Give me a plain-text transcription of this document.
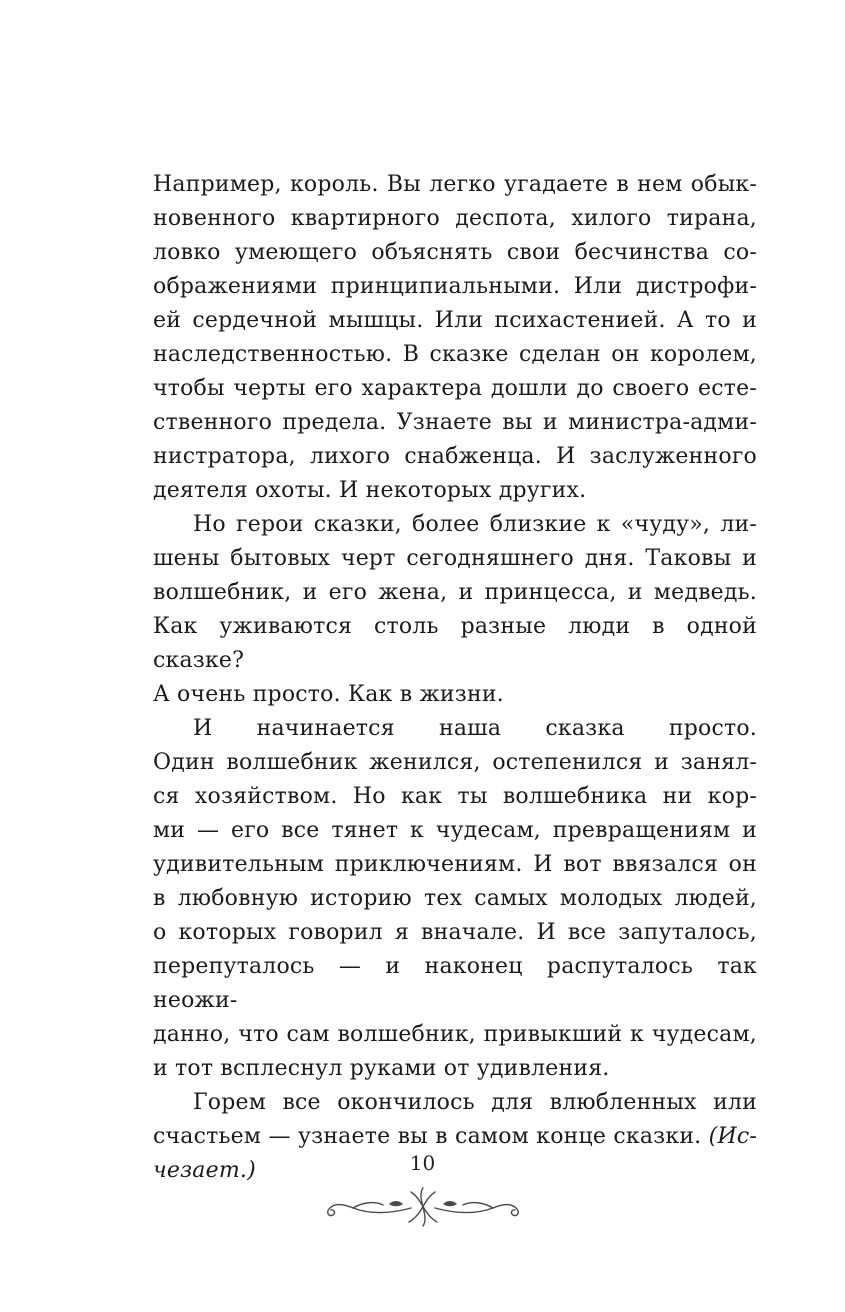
Например, король. Вы легко угадаете в нем обык-
новенного квартирного деспота, хилого тирана,
ловко умеющего объяснять свои бесчинства со-
ображениями принципиальными. Или дистрофи-
ей сердечной мышцы. Или психастенией. А то и
наследственностью. В сказке сделан он королем,
чтобы черты его характера дошли до своего есте-
ственного предела. Узнаете вы и министра-адми-
нистратора, лихого снабженца. И заслуженного
деятеля охоты. И некоторых других.
Но герои сказки, более близкие к «чуду», ли-
шены бытовых черт сегодняшнего дня. Таковы и
волшебник, и его жена, и принцесса, и медведь.
Как уживаются столь разные люди в одной сказке?
А очень просто. Как в жизни.
И начинается наша сказка просто.
Один волшебник женился, остепенился и занял-
ся хозяйством. Но как ты волшебника ни кор-
ми — его все тянет к чудесам, превращениям и
удивительным приключениям. И вот ввязался он
в любовную историю тех самых молодых людей,
о которых говорил я вначале. И все запуталось,
перепуталось — и наконец распуталось так неожи-
данно, что сам волшебник, привыкший к чудесам,
и тот всплеснул руками от удивления.
Горем все окончилось для влюбленных или
счастьем — узнаете вы в самом конце сказки. (Ис-
чезает.)	10
